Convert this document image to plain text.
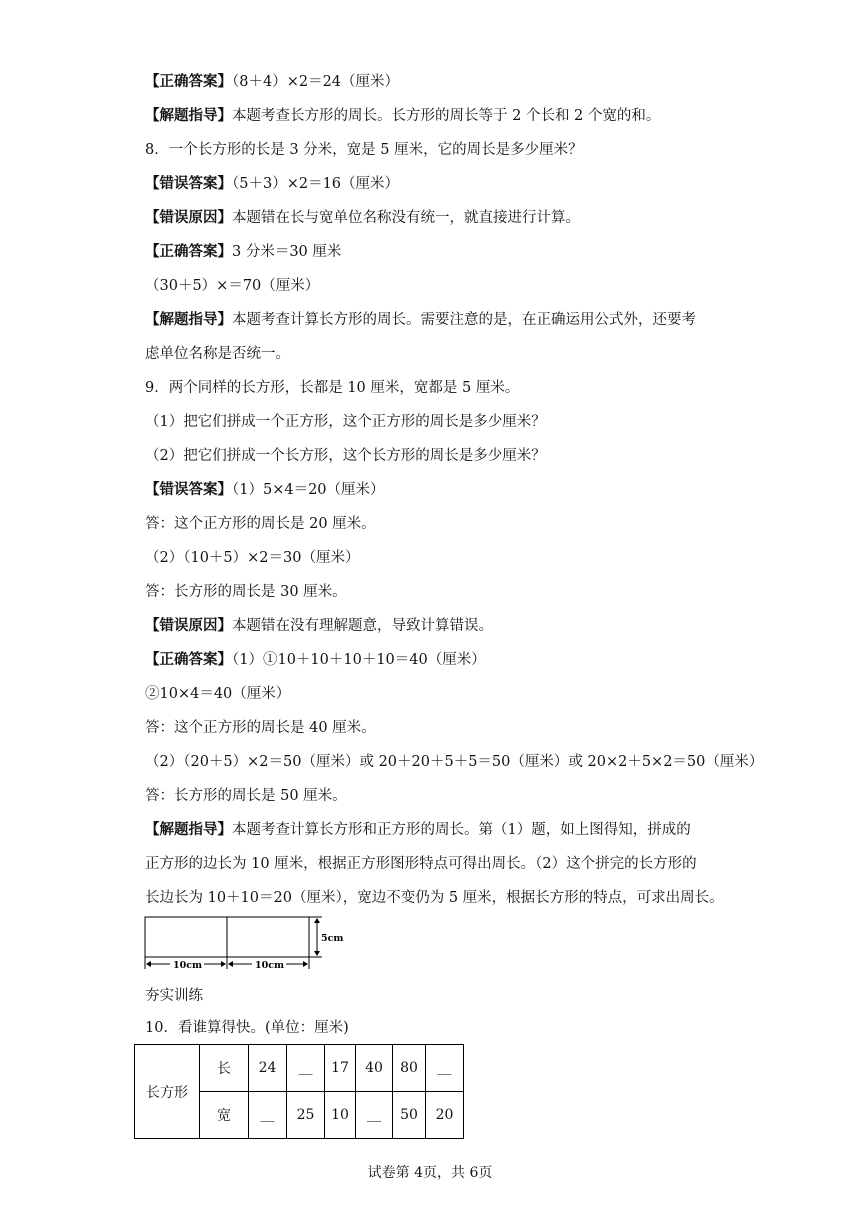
【正确答案】（8＋4）×2＝24（厘米）
【解题指导】本题考查长方形的周长。长方形的周长等于 2 个长和 2 个宽的和。
8．一个长方形的长是 3 分米，宽是 5 厘米，它的周长是多少厘米？
【错误答案】（5＋3）×2＝16（厘米）
【错误原因】本题错在长与宽单位名称没有统一，就直接进行计算。
【正确答案】3 分米＝30 厘米
（30＋5）×＝70（厘米）
【解题指导】本题考查计算长方形的周长。需要注意的是，在正确运用公式外，还要考
虑单位名称是否统一。
9．两个同样的长方形，长都是 10 厘米，宽都是 5 厘米。
（1）把它们拼成一个正方形，这个正方形的周长是多少厘米？
（2）把它们拼成一个长方形，这个长方形的周长是多少厘米？
【错误答案】（1）5×4＝20（厘米）
答：这个正方形的周长是 20 厘米。
（2）（10＋5）×2＝30（厘米）
答：长方形的周长是 30 厘米。
【错误原因】本题错在没有理解题意，导致计算错误。
【正确答案】（1）①10＋10＋10＋10＝40（厘米）
②10×4＝40（厘米）
答：这个正方形的周长是 40 厘米。
（2）（20＋5）×2＝50（厘米）或 20＋20＋5＋5＝50（厘米）或 20×2＋5×2＝50（厘米）
答：长方形的周长是 50 厘米。
【解题指导】本题考查计算长方形和正方形的周长。第（1）题，如上图得知，拼成的
正方形的边长为 10 厘米，根据正方形图形特点可得出周长。（2）这个拼完的长方形的
长边长为 10＋10＝20（厘米），宽边不变仍为 5 厘米，根据长方形的特点，可求出周长。
5cm
10cm	10cm
夯实训练
10．看谁算得快。(单位：厘米)
长方形	长	24	＿	17	40	80	＿
	宽	＿	25	10	＿	50	20
试卷第 4页，共 6页
